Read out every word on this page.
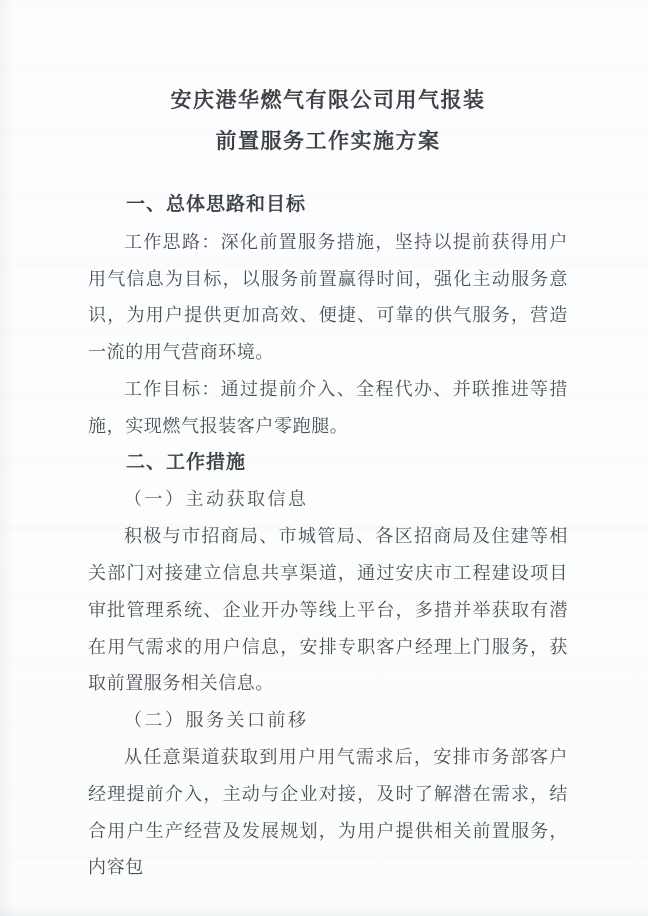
安庆港华燃气有限公司用气报装
前置服务工作实施方案
一、总体思路和目标
工作思路：深化前置服务措施，坚持以提前获得用户用气信息为目标，以服务前置赢得时间，强化主动服务意识，为用户提供更加高效、便捷、可靠的供气服务，营造一流的用气营商环境。
工作目标：通过提前介入、全程代办、并联推进等措施，实现燃气报装客户零跑腿。
二、工作措施
（一）主动获取信息
积极与市招商局、市城管局、各区招商局及住建等相关部门对接建立信息共享渠道，通过安庆市工程建设项目审批管理系统、企业开办等线上平台，多措并举获取有潜在用气需求的用户信息，安排专职客户经理上门服务，获取前置服务相关信息。
（二）服务关口前移
从任意渠道获取到用户用气需求后，安排市务部客户经理提前介入，主动与企业对接，及时了解潜在需求，结合用户生产经营及发展规划，为用户提供相关前置服务，内容包
